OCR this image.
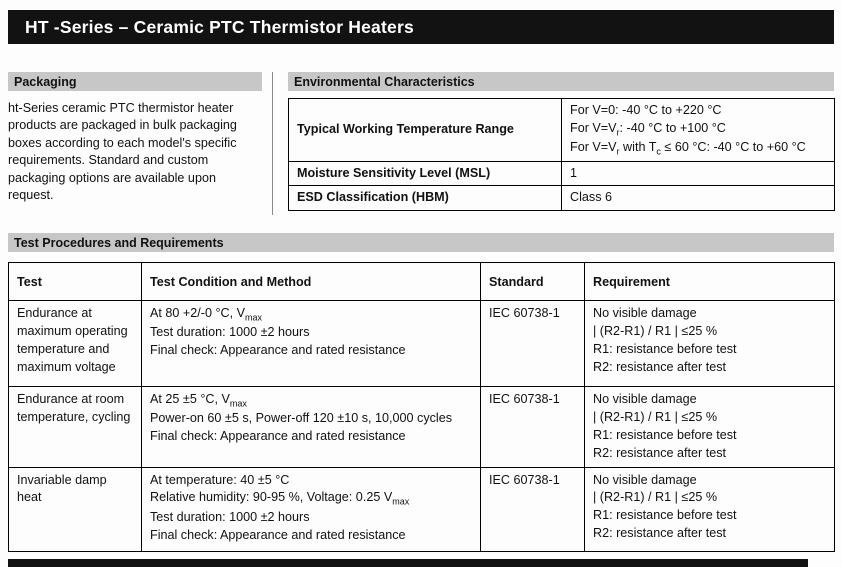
HT -Series – Ceramic PTC Thermistor Heaters
Packaging
ht-Series ceramic PTC thermistor heater products are packaged in bulk packaging boxes according to each model's specific requirements. Standard and custom packaging options are available upon request.
Environmental Characteristics
Typical Working Temperature Range	For V=0: -40 °C to +220 °C
For $V=V_r$: -40 °C to +100 °C
For $V=V_r$ with $T_c \le 60$ °C: -40 °C to +60 °C
Moisture Sensitivity Level (MSL)	1
ESD Classification (HBM)	Class 6
Test Procedures and Requirements
Test	Test Condition and Method	Standard	Requirement
Endurance at maximum operating temperature and maximum voltage	At 80 +2/-0 °C, $V_{max}$
Test duration: 1000 ±2 hours
Final check: Appearance and rated resistance	IEC 60738-1	No visible damage
| (R2-R1) / R1 | ≤25 %
R1: resistance before test
R2: resistance after test
Endurance at room temperature, cycling	At 25 ±5 °C, $V_{max}$
Power-on 60 ±5 s, Power-off 120 ±10 s, 10,000 cycles
Final check: Appearance and rated resistance	IEC 60738-1	No visible damage
| (R2-R1) / R1 | ≤25 %
R1: resistance before test
R2: resistance after test
Invariable damp heat	At temperature: 40 ±5 °C
Relative humidity: 90-95 %, Voltage: 0.25 $V_{max}$
Test duration: 1000 ±2 hours
Final check: Appearance and rated resistance	IEC 60738-1	No visible damage
| (R2-R1) / R1 | ≤25 %
R1: resistance before test
R2: resistance after test
